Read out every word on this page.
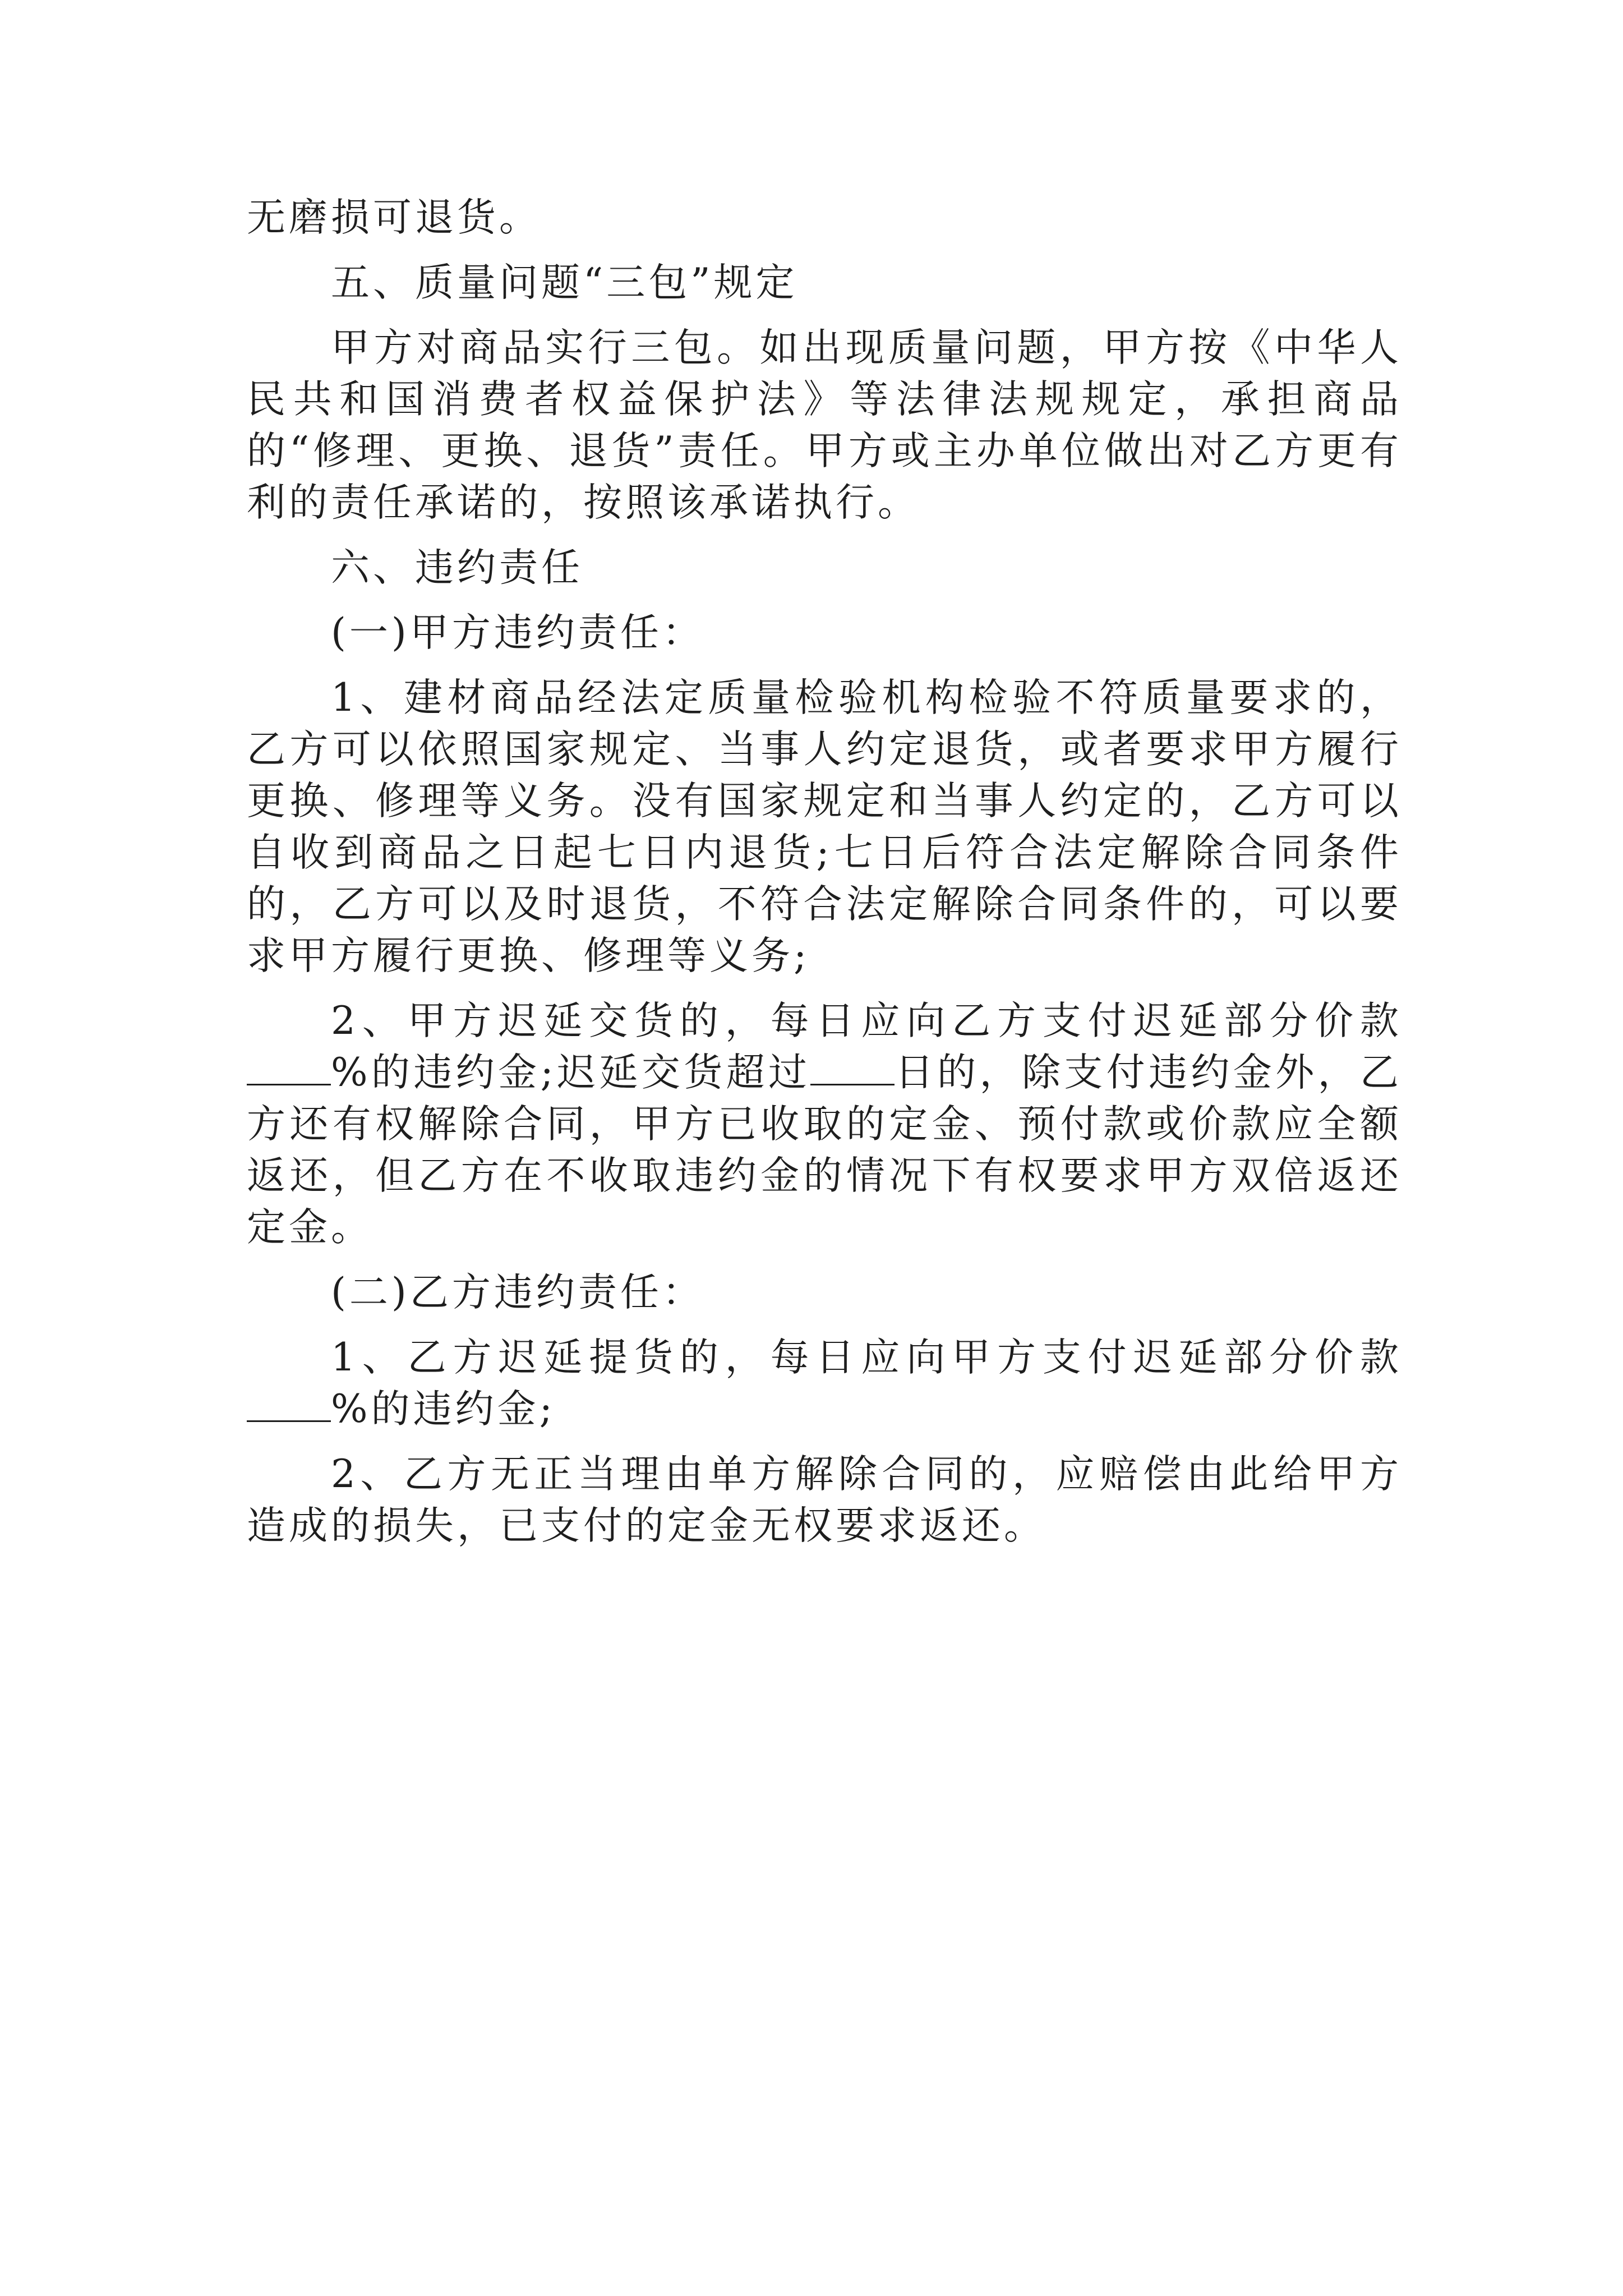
无磨损可退货。

五、质量问题“三包”规定

甲方对商品实行三包。如出现质量问题，甲方按《中华人民共和国消费者权益保护法》等法律法规规定，承担商品的“修理、更换、退货”责任。甲方或主办单位做出对乙方更有利的责任承诺的，按照该承诺执行。

六、违约责任

(一)甲方违约责任：

1、建材商品经法定质量检验机构检验不符质量要求的，乙方可以依照国家规定、当事人约定退货，或者要求甲方履行更换、修理等义务。没有国家规定和当事人约定的，乙方可以自收到商品之日起七日内退货;七日后符合法定解除合同条件的，乙方可以及时退货，不符合法定解除合同条件的，可以要求甲方履行更换、修理等义务;

2、甲方迟延交货的，每日应向乙方支付迟延部分价款%的违约金;迟延交货超过 日的，除支付违约金外，乙方还有权解除合同，甲方已收取的定金、预付款或价款应全额返还，但乙方在不收取违约金的情况下有权要求甲方双倍返还定金。

(二)乙方违约责任：

1、乙方迟延提货的，每日应向甲方支付迟延部分价款%的违约金;

2、乙方无正当理由单方解除合同的，应赔偿由此给甲方造成的损失，已支付的定金无权要求返还。
